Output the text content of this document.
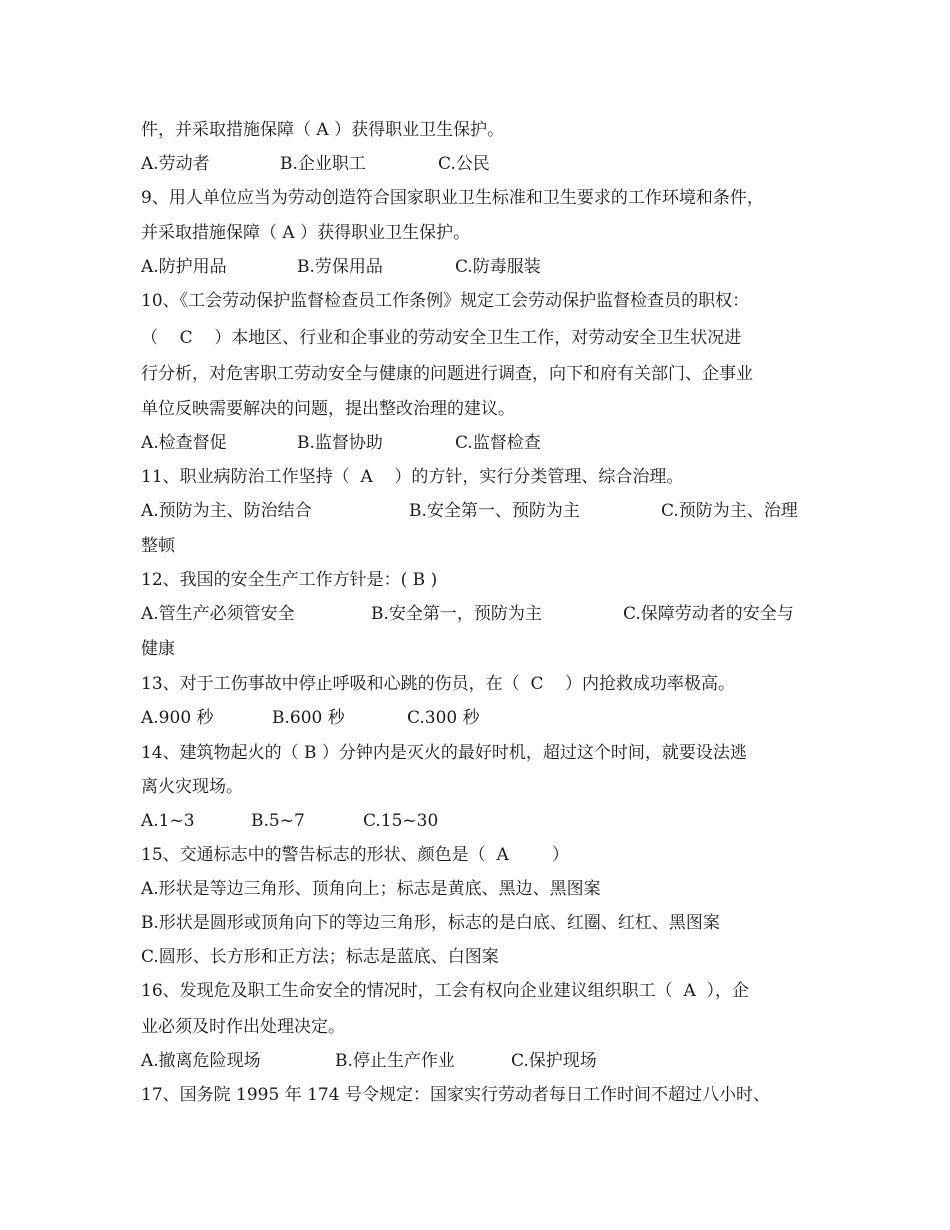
件，并采取措施保障（ A ）获得职业卫生保护。

A.劳动者

	B.企业职工

	C.公民

9、用人单位应当为劳动创造符合国家职业卫生标准和卫生要求的工作环境和条件，
并采取措施保障（ A ）获得职业卫生保护。

A.防护用品

	B.劳保用品

	C.防毒服装

10、《工会劳动保护监督检查员工作条例》规定工会劳动保护监督检查员的职权：
（    C    ）本地区、行业和企事业的劳动安全卫生工作，对劳动安全卫生状况进
行分析，对危害职工劳动安全与健康的问题进行调查，向下和府有关部门、企事业
单位反映需要解决的问题，提出整改治理的建议。

A.检查督促

	B.监督协助

	C.监督检查

11、职业病防治工作坚持（  A    ）的方针，实行分类管理、综合治理。

A.预防为主、防治结合

	B.安全第一、预防为主

	C.预防为主、治理

整顿
12、我国的安全生产工作方针是：( B )

A.管生产必须管安全

	B.安全第一，预防为主

	C.保障劳动者的安全与

健康
13、对于工伤事故中停止呼吸和心跳的伤员，在（  C    ）内抢救成功率极高。

A.900 秒

	B.600 秒

	C.300 秒

14、建筑物起火的（ B ）分钟内是灭火的最好时机，超过这个时间，就要设法逃
离火灾现场。

A.1~3

	B.5~7

	C.15~30

15、交通标志中的警告标志的形状、颜色是（  A        ）
A.形状是等边三角形、顶角向上；标志是黄底、黑边、黑图案
B.形状是圆形或顶角向下的等边三角形，标志的是白底、红圈、红杠、黑图案
C.圆形、长方形和正方法；标志是蓝底、白图案
16、发现危及职工生命安全的情况时，工会有权向企业建议组织职工（  A  ），企
业必须及时作出处理决定。

A.撤离危险现场

	B.停止生产作业

	C.保护现场

17、国务院 1995 年 174 号令规定：国家实行劳动者每日工作时间不超过八小时、
